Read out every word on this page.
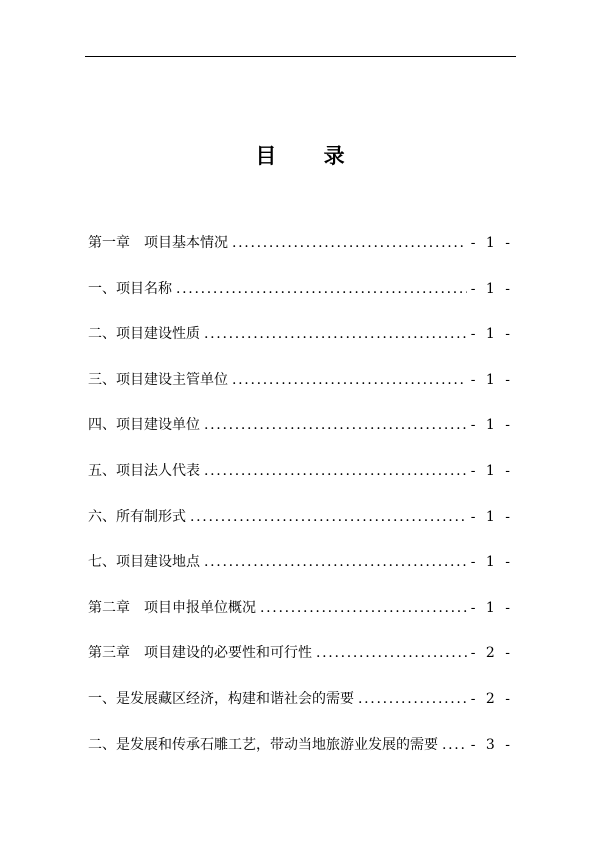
目 录
第一章　项目基本情况 .....	- 1 -
一、项目名称 .....	- 1 -
二、项目建设性质 .....	- 1 -
三、项目建设主管单位 .....	- 1 -
四、项目建设单位 .....	- 1 -
五、项目法人代表 .....	- 1 -
六、所有制形式 .....	- 1 -
七、项目建设地点 .....	- 1 -
第二章　项目申报单位概况 .....	- 1 -
第三章　项目建设的必要性和可行性 .....	- 2 -
一、是发展藏区经济，构建和谐社会的需要 .....	- 2 -
二、是发展和传承石雕工艺，带动当地旅游业发展的需要 ..... - 3 -
